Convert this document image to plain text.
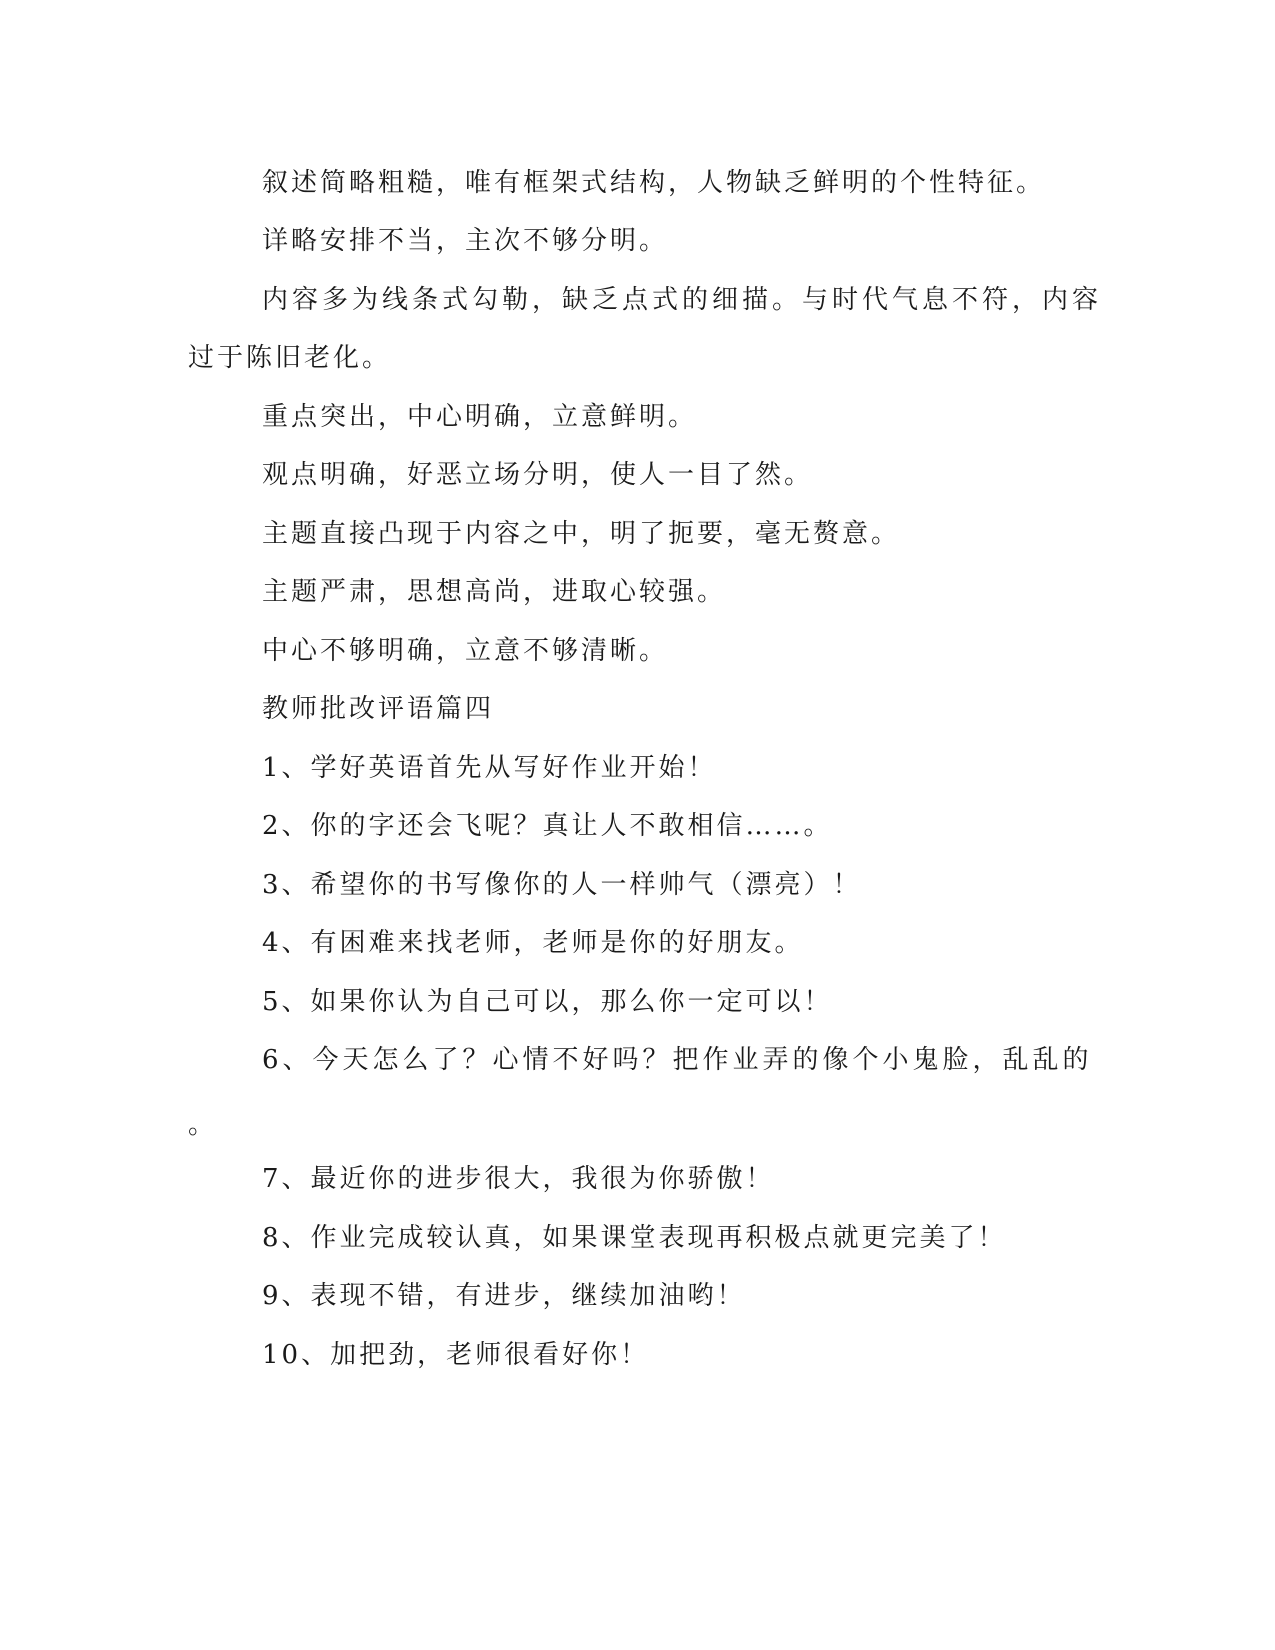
叙述简略粗糙，唯有框架式结构，人物缺乏鲜明的个性特征。

详略安排不当，主次不够分明。

内容多为线条式勾勒，缺乏点式的细描。与时代气息不符，内容

过于陈旧老化。

重点突出，中心明确，立意鲜明。

观点明确，好恶立场分明，使人一目了然。

主题直接凸现于内容之中，明了扼要，毫无赘意。

主题严肃，思想高尚，进取心较强。

中心不够明确，立意不够清晰。

教师批改评语篇四

1、学好英语首先从写好作业开始！

2、你的字还会飞呢？真让人不敢相信……。

3、希望你的书写像你的人一样帅气（漂亮）！

4、有困难来找老师，老师是你的好朋友。

5、如果你认为自己可以，那么你一定可以！

6、今天怎么了？心情不好吗？把作业弄的像个小鬼脸，乱乱的

。

7、最近你的进步很大，我很为你骄傲！

8、作业完成较认真，如果课堂表现再积极点就更完美了！

9、表现不错，有进步，继续加油哟！

10、加把劲，老师很看好你！
